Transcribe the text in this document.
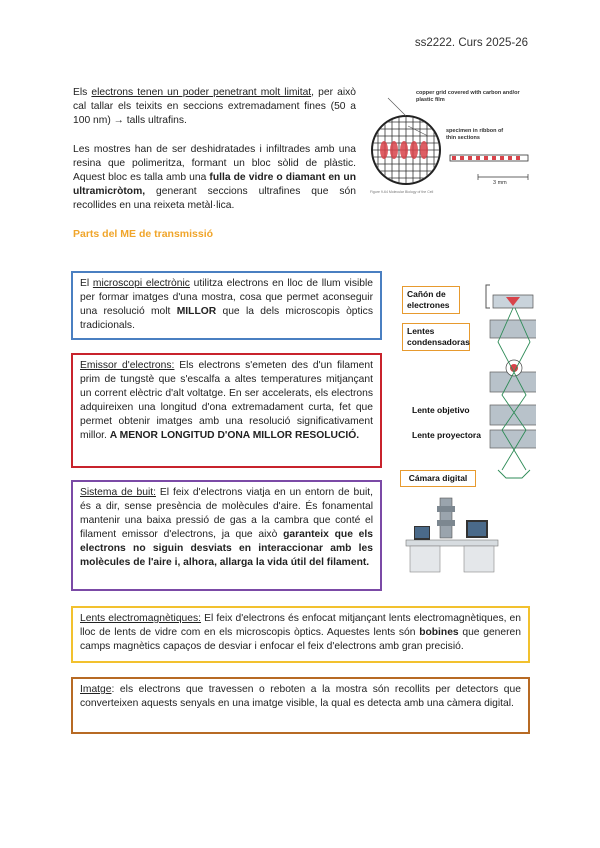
ss2222. Curs 2025-26
Els electrons tenen un poder penetrant molt limitat, per això cal tallar els teixits en seccions extremadament fines (50 a 100 nm) → talls ultrafins.
Les mostres han de ser deshidratades i infiltrades amb una resina que polimeritza, formant un bloc sòlid de plàstic. Aquest bloc es talla amb una fulla de vidre o diamant en un ultramicròtom, generant seccions ultrafines que són recollides en una reixeta metàl·lica.
copper grid covered with carbon and/or plastic film
specimen in ribbon of thin sections
3 mm
Figure 9-64 Molecular Biology of the Cell
Parts del ME de transmissió
El microscopi electrònic utilitza electrons en lloc de llum visible per formar imatges d'una mostra, cosa que permet aconseguir una resolució molt MILLOR que la dels microscopis òptics tradicionals.
Emissor d'electrons: Els electrons s'emeten des d'un filament prim de tungstè que s'escalfa a altes temperatures mitjançant un corrent elèctric d'alt voltatge. En ser accelerats, els electrons adquireixen una longitud d'ona extremadament curta, fet que permet obtenir imatges amb una resolució significativament millor. A MENOR LONGITUD D'ONA MILLOR RESOLUCIÓ.
Sistema de buit: El feix d'electrons viatja en un entorn de buit, és a dir, sense presència de molècules d'aire. És fonamental mantenir una baixa pressió de gas a la cambra que conté el filament emissor d'electrons, ja que això garanteix que els electrons no siguin desviats en interaccionar amb les molècules de l'aire i, alhora, allarga la vida útil del filament.
Lents electromagnètiques: El feix d'electrons és enfocat mitjançant lents electromagnètiques, en lloc de lents de vidre com en els microscopis òptics. Aquestes lents són bobines que generen camps magnètics capaços de desviar i enfocar el feix d'electrons amb gran precisió.
Imatge: els electrons que travessen o reboten a la mostra són recollits per detectors que converteixen aquests senyals en una imatge visible, la qual es detecta amb una càmera digital.
Cañón de electrones
Lentes condensadoras
Lente objetivo
Lente proyectora
Cámara digital
